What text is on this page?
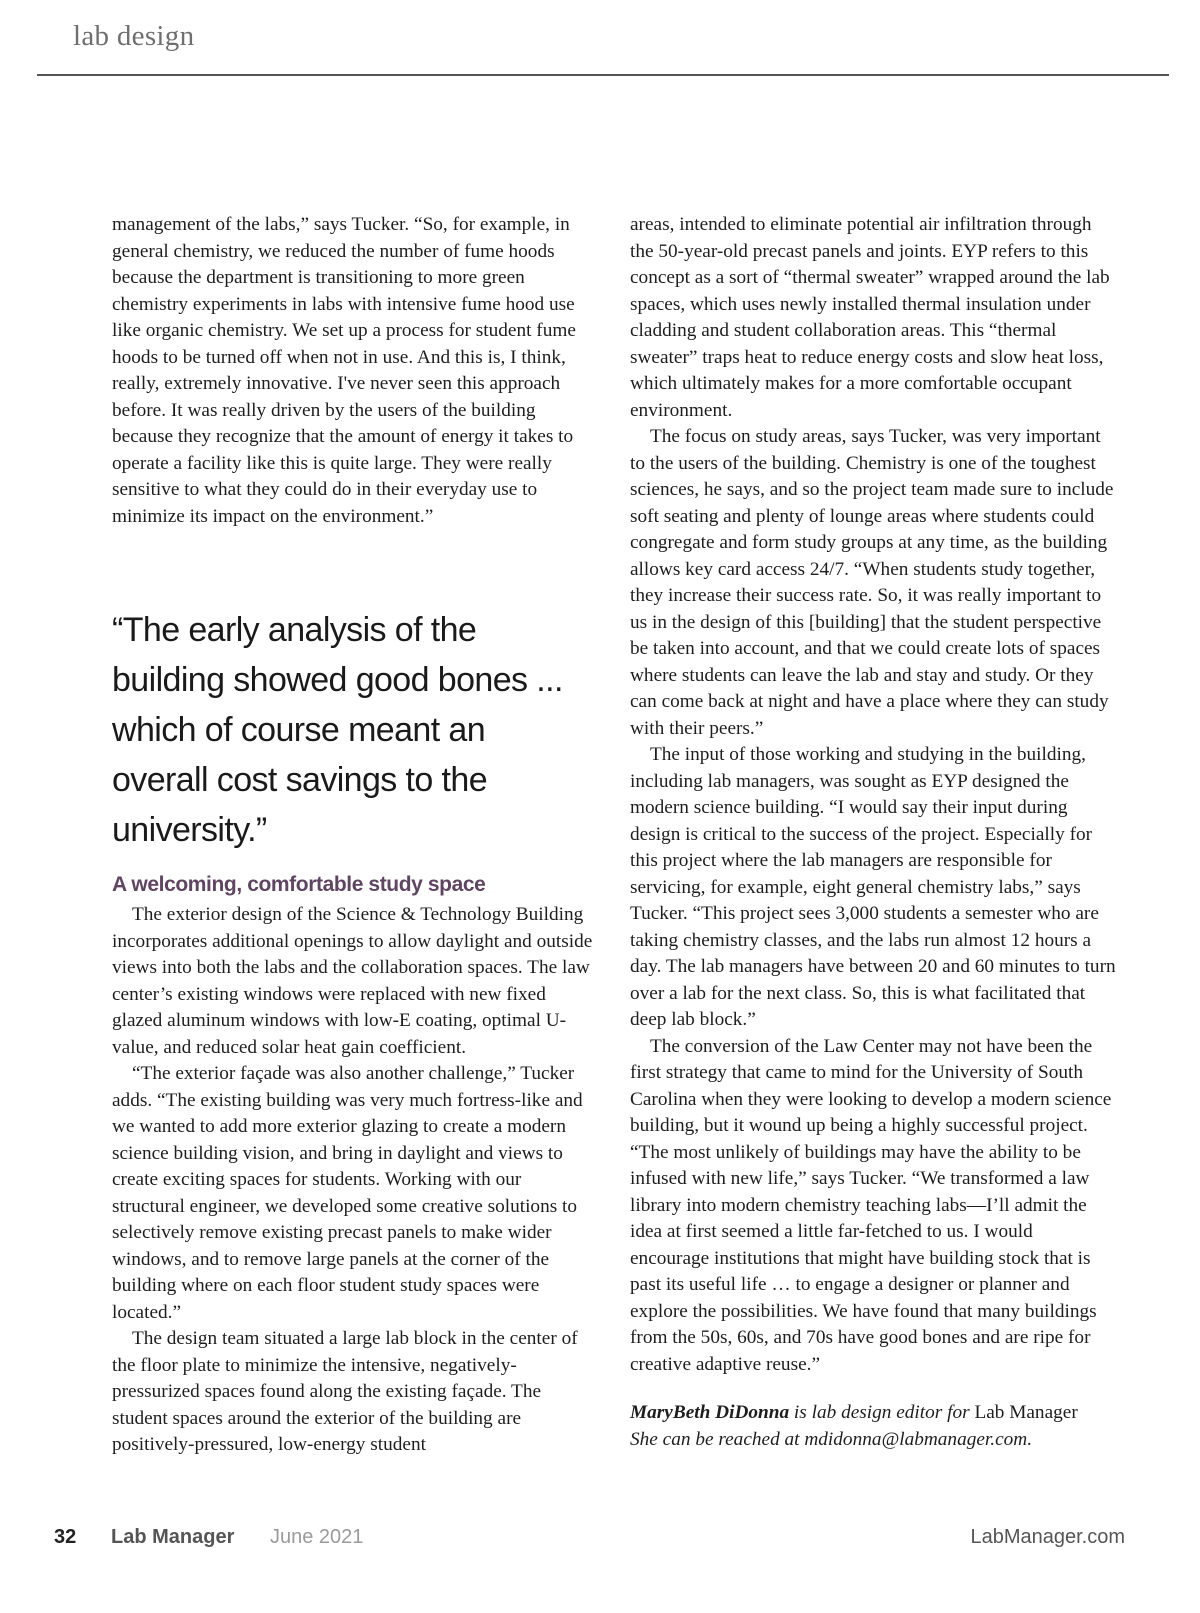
lab design

management of the labs,” says Tucker. “So, for example, in general chemistry, we reduced the number of fume hoods because the department is transitioning to more green chemistry experiments in labs with intensive fume hood use like organic chemistry. We set up a process for student fume hoods to be turned off when not in use. And this is, I think, really, extremely innovative. I've never seen this approach before. It was really driven by the users of the building because they recognize that the amount of energy it takes to operate a facility like this is quite large. They were really sensitive to what they could do in their everyday use to minimize its impact on the environment.”

“The early analysis of the building showed good bones ... which of course meant an overall cost savings to the university.”
A welcoming, comfortable study space

The exterior design of the Science & Technology Building incorporates additional openings to allow daylight and outside views into both the labs and the collaboration spaces. The law center’s existing windows were replaced with new fixed glazed aluminum windows with low-E coating, optimal U-value, and reduced solar heat gain coefficient.

“The exterior façade was also another challenge,” Tucker adds. “The existing building was very much fortress-like and we wanted to add more exterior glazing to create a modern science building vision, and bring in daylight and views to create exciting spaces for students. Working with our structural engineer, we developed some creative solutions to selectively remove existing precast panels to make wider windows, and to remove large panels at the corner of the building where on each floor student study spaces were located.”

The design team situated a large lab block in the center of the floor plate to minimize the intensive, negatively-pressurized spaces found along the existing façade. The student spaces around the exterior of the building are positively-pressured, low-energy student

areas, intended to eliminate potential air infiltration through the 50-year-old precast panels and joints. EYP refers to this concept as a sort of “thermal sweater” wrapped around the lab spaces, which uses newly installed thermal insulation under cladding and student collaboration areas. This “thermal sweater” traps heat to reduce energy costs and slow heat loss, which ultimately makes for a more comfortable occupant environment.

The focus on study areas, says Tucker, was very important to the users of the building. Chemistry is one of the toughest sciences, he says, and so the project team made sure to include soft seating and plenty of lounge areas where students could congregate and form study groups at any time, as the building allows key card access 24/7. “When students study together, they increase their success rate. So, it was really important to us in the design of this [building] that the student perspective be taken into account, and that we could create lots of spaces where students can leave the lab and stay and study. Or they can come back at night and have a place where they can study with their peers.”

The input of those working and studying in the building, including lab managers, was sought as EYP designed the modern science building. “I would say their input during design is critical to the success of the project. Especially for this project where the lab managers are responsible for servicing, for example, eight general chemistry labs,” says Tucker. “This project sees 3,000 students a semester who are taking chemistry classes, and the labs run almost 12 hours a day. The lab managers have between 20 and 60 minutes to turn over a lab for the next class. So, this is what facilitated that deep lab block.”

The conversion of the Law Center may not have been the first strategy that came to mind for the University of South Carolina when they were looking to develop a modern science building, but it wound up being a highly successful project. “The most unlikely of buildings may have the ability to be infused with new life,” says Tucker. “We transformed a law library into modern chemistry teaching labs—I’ll admit the idea at first seemed a little far-fetched to us. I would encourage institutions that might have building stock that is past its useful life … to engage a designer or planner and explore the possibilities. We have found that many buildings from the 50s, 60s, and 70s have good bones and are ripe for creative adaptive reuse.”

MaryBeth DiDonna is lab design editor for Lab Manager
She can be reached at mdidonna@labmanager.com.

32 Lab Manager June 2021	LabManager.com
